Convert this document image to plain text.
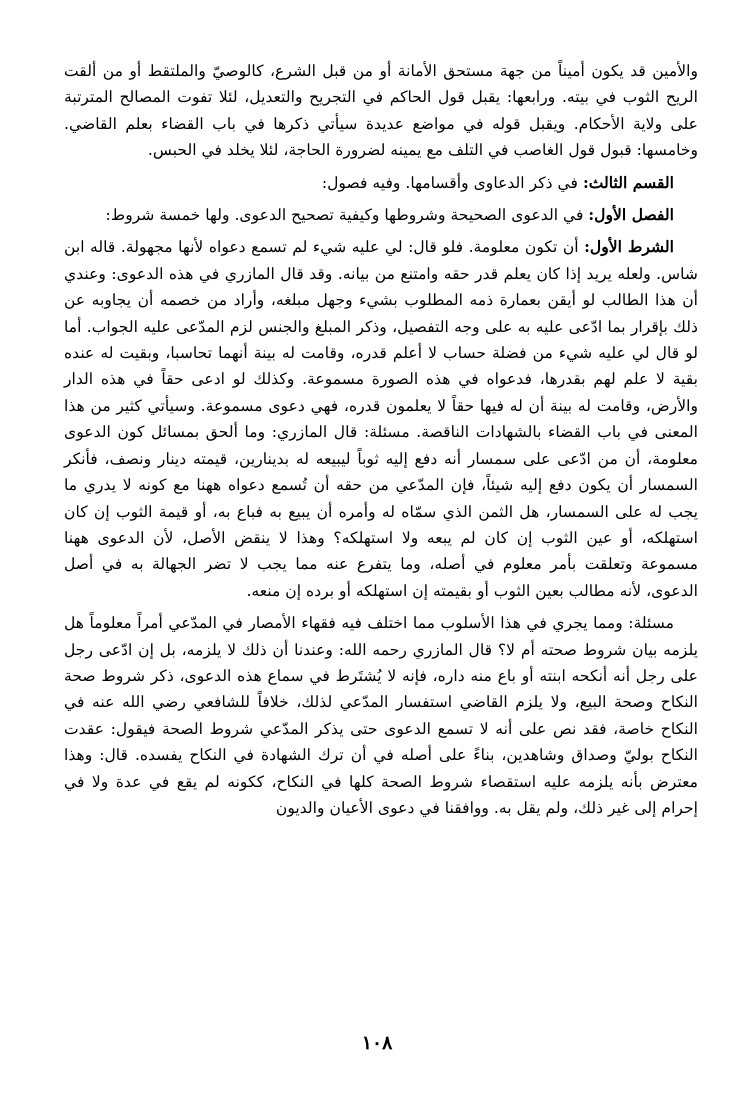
والأمين قد يكون أميناً من جهة مستحق الأمانة أو من قبل الشرع، كالوصيّ والملتقط أو من ألقت الريح الثوب في بيته. ورابعها: يقبل قول الحاكم في التجريح والتعديل، لئلا تفوت المصالح المترتبة على ولاية الأحكام. ويقبل قوله في مواضع عديدة سيأتي ذكرها في باب القضاء بعلم القاضي. وخامسها: قبول قول الغاصب في التلف مع يمينه لضرورة الحاجة، لئلا يخلد في الحبس.

القسم الثالث: في ذكر الدعاوى وأقسامها. وفيه فصول:

الفصل الأول: في الدعوى الصحيحة وشروطها وكيفية تصحيح الدعوى. ولها خمسة شروط:

الشرط الأول: أن تكون معلومة. فلو قال: لي عليه شيء لم تسمع دعواه لأنها مجهولة. قاله ابن شاس. ولعله يريد إذا كان يعلم قدر حقه وامتنع من بيانه. وقد قال المازري في هذه الدعوى: وعندي أن هذا الطالب لو أيقن بعمارة ذمه المطلوب بشيء وجهل مبلغه، وأراد من خصمه أن يجاوبه عن ذلك بإقرار بما ادّعى عليه به على وجه التفصيل، وذكر المبلغ والجنس لزم المدّعى عليه الجواب. أما لو قال لي عليه شيء من فضلة حساب لا أعلم قدره، وقامت له بينة أنهما تحاسبا، وبقيت له عنده بقية لا علم لهم بقدرها، فدعواه في هذه الصورة مسموعة. وكذلك لو ادعى حقاً في هذه الدار والأرض، وقامت له بينة أن له فيها حقاً لا يعلمون قدره، فهي دعوى مسموعة. وسيأتي كثير من هذا المعنى في باب القضاء بالشهادات الناقصة. مسئلة: قال المازري: وما ألحق بمسائل كون الدعوى معلومة، أن من ادّعى على سمسار أنه دفع إليه ثوباً ليبيعه له بدينارين، قيمته دينار ونصف، فأنكر السمسار أن يكون دفع إليه شيئاً، فإن المدّعي من حقه أن تُسمع دعواه ههنا مع كونه لا يدري ما يجب له على السمسار، هل الثمن الذي سمّاه له وأمره أن يبيع به فباع به، أو قيمة الثوب إن كان استهلكه، أو عين الثوب إن كان لم يبعه ولا استهلكه؟ وهذا لا ينقض الأصل، لأن الدعوى ههنا مسموعة وتعلقت بأمر معلوم في أصله، وما يتفرع عنه مما يجب لا تضر الجهالة به في أصل الدعوى، لأنه مطالب بعين الثوب أو بقيمته إن استهلكه أو برده إن منعه.

مسئلة: ومما يجري في هذا الأسلوب مما اختلف فيه فقهاء الأمصار في المدّعي أمراً معلوماً هل يلزمه بيان شروط صحته أم لا؟ قال المازري رحمه الله: وعندنا أن ذلك لا يلزمه، بل إن ادّعى رجل على رجل أنه أنكحه ابنته أو باع منه داره، فإنه لا يُشتَرط في سماع هذه الدعوى، ذكر شروط صحة النكاح وصحة البيع، ولا يلزم القاضي استفسار المدّعي لذلك، خلافاً للشافعي رضي الله عنه في النكاح خاصة، فقد نص على أنه لا تسمع الدعوى حتى يذكر المدّعي شروط الصحة فيقول: عقدت النكاح بوليّ وصداق وشاهدين، بناءً على أصله في أن ترك الشهادة في النكاح يفسده. قال: وهذا معترض بأنه يلزمه عليه استقصاء شروط الصحة كلها في النكاح، ككونه لم يقع في عدة ولا في إحرام إلى غير ذلك، ولم يقل به. ووافقنا في دعوى الأعيان والديون

١٠٨
